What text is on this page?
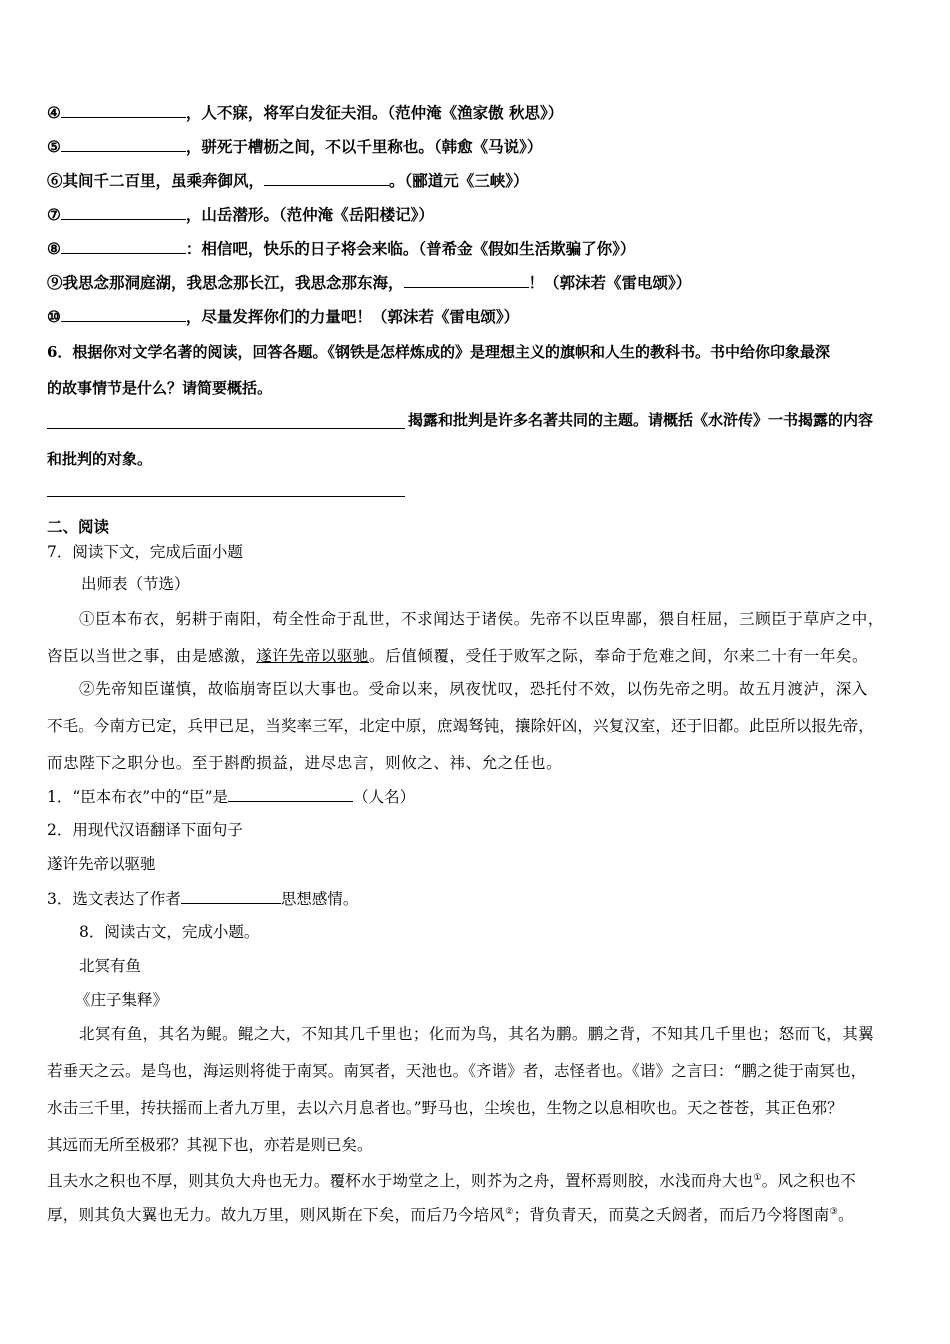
④	，人不寐，将军白发征夫泪。（范仲淹《渔家傲 秋思》）
⑤	，骈死于槽枥之间，不以千里称也。（韩愈《马说》）
⑥其间千二百里，虽乘奔御风，	。（郦道元《三峡》）
⑦	，山岳潜形。（范仲淹《岳阳楼记》）
⑧	：相信吧，快乐的日子将会来临。（普希金《假如生活欺骗了你》）
⑨我思念那洞庭湖，我思念那长江，我思念那东海，	！（郭沫若《雷电颂》）
⑩	，尽量发挥你们的力量吧！（郭沫若《雷电颂》）
6．根据你对文学名著的阅读，回答各题。《钢铁是怎样炼成的》是理想主义的旗帜和人生的教科书。书中给你印象最深
的故事情节是什么？请简要概括。
揭露和批判是许多名著共同的主题。请概括《水浒传》一书揭露的内容
和批判的对象。
二、阅读
7．阅读下文，完成后面小题
出师表（节选）
①臣本布衣，躬耕于南阳，苟全性命于乱世，不求闻达于诸侯。先帝不以臣卑鄙，猥自枉屈，三顾臣于草庐之中，
咨臣以当世之事，由是感激，遂许先帝以驱驰。后值倾覆，受任于败军之际，奉命于危难之间，尔来二十有一年矣。
②先帝知臣谨慎，故临崩寄臣以大事也。受命以来，夙夜忧叹，恐托付不效，以伤先帝之明。故五月渡泸，深入
不毛。今南方已定，兵甲已足，当奖率三军，北定中原，庶竭驽钝，攘除奸凶，兴复汉室，还于旧都。此臣所以报先帝，
而忠陛下之职分也。至于斟酌损益，进尽忠言，则攸之、祎、允之任也。
1．“臣本布衣”中的“臣”是	（人名）
2．用现代汉语翻译下面句子
遂许先帝以驱驰
3．选文表达了作者	思想感情。
8．阅读古文，完成小题。
北冥有鱼
《庄子集释》
北冥有鱼，其名为鲲。鲲之大，不知其几千里也；化而为鸟，其名为鹏。鹏之背，不知其几千里也；怒而飞，其翼
若垂天之云。是鸟也，海运则将徙于南冥。南冥者，天池也。《齐谐》者，志怪者也。《谐》之言曰：“鹏之徙于南冥也，
水击三千里，抟扶摇而上者九万里，去以六月息者也。”野马也，尘埃也，生物之以息相吹也。天之苍苍，其正色邪？
其远而无所至极邪？其视下也，亦若是则已矣。
且夫水之积也不厚，则其负大舟也无力。覆杯水于坳堂之上，则芥为之舟，置杯焉则胶，水浅而舟大也①。风之积也不
厚，则其负大翼也无力。故九万里，则风斯在下矣，而后乃今培风②；背负青天，而莫之夭阏者，而后乃今将图南③。
